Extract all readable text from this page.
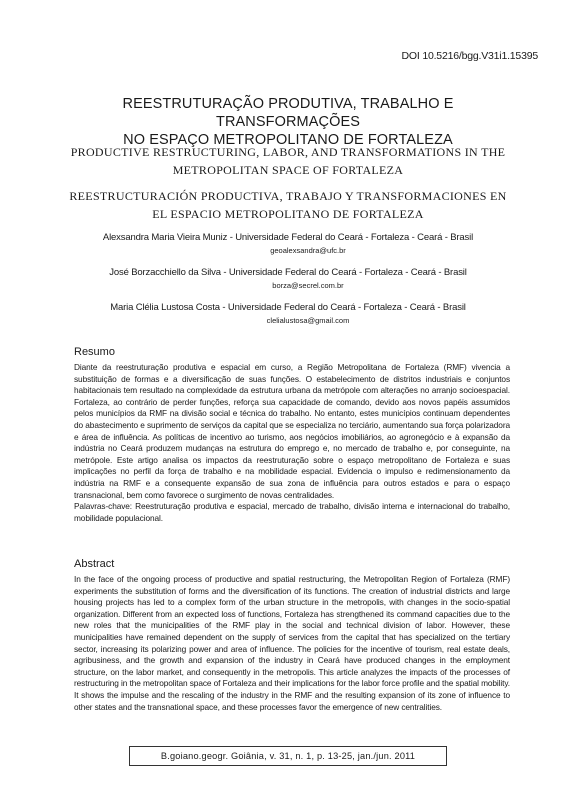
DOI 10.5216/bgg.V31i1.15395
REESTRUTURAÇÃO PRODUTIVA, TRABALHO E TRANSFORMAÇÕES
NO ESPAÇO METROPOLITANO DE FORTALEZA
PRODUCTIVE RESTRUCTURING, LABOR, AND TRANSFORMATIONS IN THE
METROPOLITAN SPACE OF FORTALEZA
REESTRUCTURACIÓN PRODUCTIVA, TRABAJO Y TRANSFORMACIONES EN
EL ESPACIO METROPOLITANO DE FORTALEZA
Alexsandra Maria Vieira Muniz - Universidade Federal do Ceará - Fortaleza - Ceará - Brasil
geoalexsandra@ufc.br
José Borzacchiello da Silva - Universidade Federal do Ceará - Fortaleza - Ceará - Brasil
borza@secrel.com.br
Maria Clélia Lustosa Costa - Universidade Federal do Ceará - Fortaleza - Ceará - Brasil
clelialustosa@gmail.com
Resumo
Diante da reestruturação produtiva e espacial em curso, a Região Metropolitana de Fortaleza (RMF) vivencia a substituição de formas e a diversificação de suas funções. O estabelecimento de distritos industriais e conjuntos habitacionais tem resultado na complexidade da estrutura urbana da metrópole com alterações no arranjo socioespacial. Fortaleza, ao contrário de perder funções, reforça sua capacidade de comando, devido aos novos papéis assumidos pelos municípios da RMF na divisão social e técnica do trabalho. No entanto, estes municípios continuam dependentes do abastecimento e suprimento de serviços da capital que se especializa no terciário, aumentando sua força polarizadora e área de influência. As políticas de incentivo ao turismo, aos negócios imobiliários, ao agronegócio e à expansão da indústria no Ceará produzem mudanças na estrutura do emprego e, no mercado de trabalho e, por conseguinte, na metrópole. Este artigo analisa os impactos da reestruturação sobre o espaço metropolitano de Fortaleza e suas implicações no perfil da força de trabalho e na mobilidade espacial. Evidencia o impulso e redimensionamento da indústria na RMF e a consequente expansão de sua zona de influência para outros estados e para o espaço transnacional, bem como favorece o surgimento de novas centralidades.
Palavras-chave: Reestruturação produtiva e espacial, mercado de trabalho, divisão interna e internacional do trabalho, mobilidade populacional.
Abstract
In the face of the ongoing process of productive and spatial restructuring, the Metropolitan Region of Fortaleza (RMF) experiments the substitution of forms and the diversification of its functions. The creation of industrial districts and large housing projects has led to a complex form of the urban structure in the metropolis, with changes in the socio-spatial organization. Different from an expected loss of functions, Fortaleza has strengthened its command capacities due to the new roles that the municipalities of the RMF play in the social and technical division of labor. However, these municipalities have remained dependent on the supply of services from the capital that has specialized on the tertiary sector, increasing its polarizing power and area of influence. The policies for the incentive of tourism, real estate deals, agribusiness, and the growth and expansion of the industry in Ceará have produced changes in the employment structure, on the labor market, and consequently in the metropolis. This article analyzes the impacts of the processes of restructuring in the metropolitan space of Fortaleza and their implications for the labor force profile and the spatial mobility. It shows the impulse and the rescaling of the industry in the RMF and the resulting expansion of its zone of influence to other states and the transnational space, and these processes favor the emergence of new centralities.
B.goiano.geogr. Goiânia, v. 31, n. 1, p. 13-25, jan./jun. 2011
